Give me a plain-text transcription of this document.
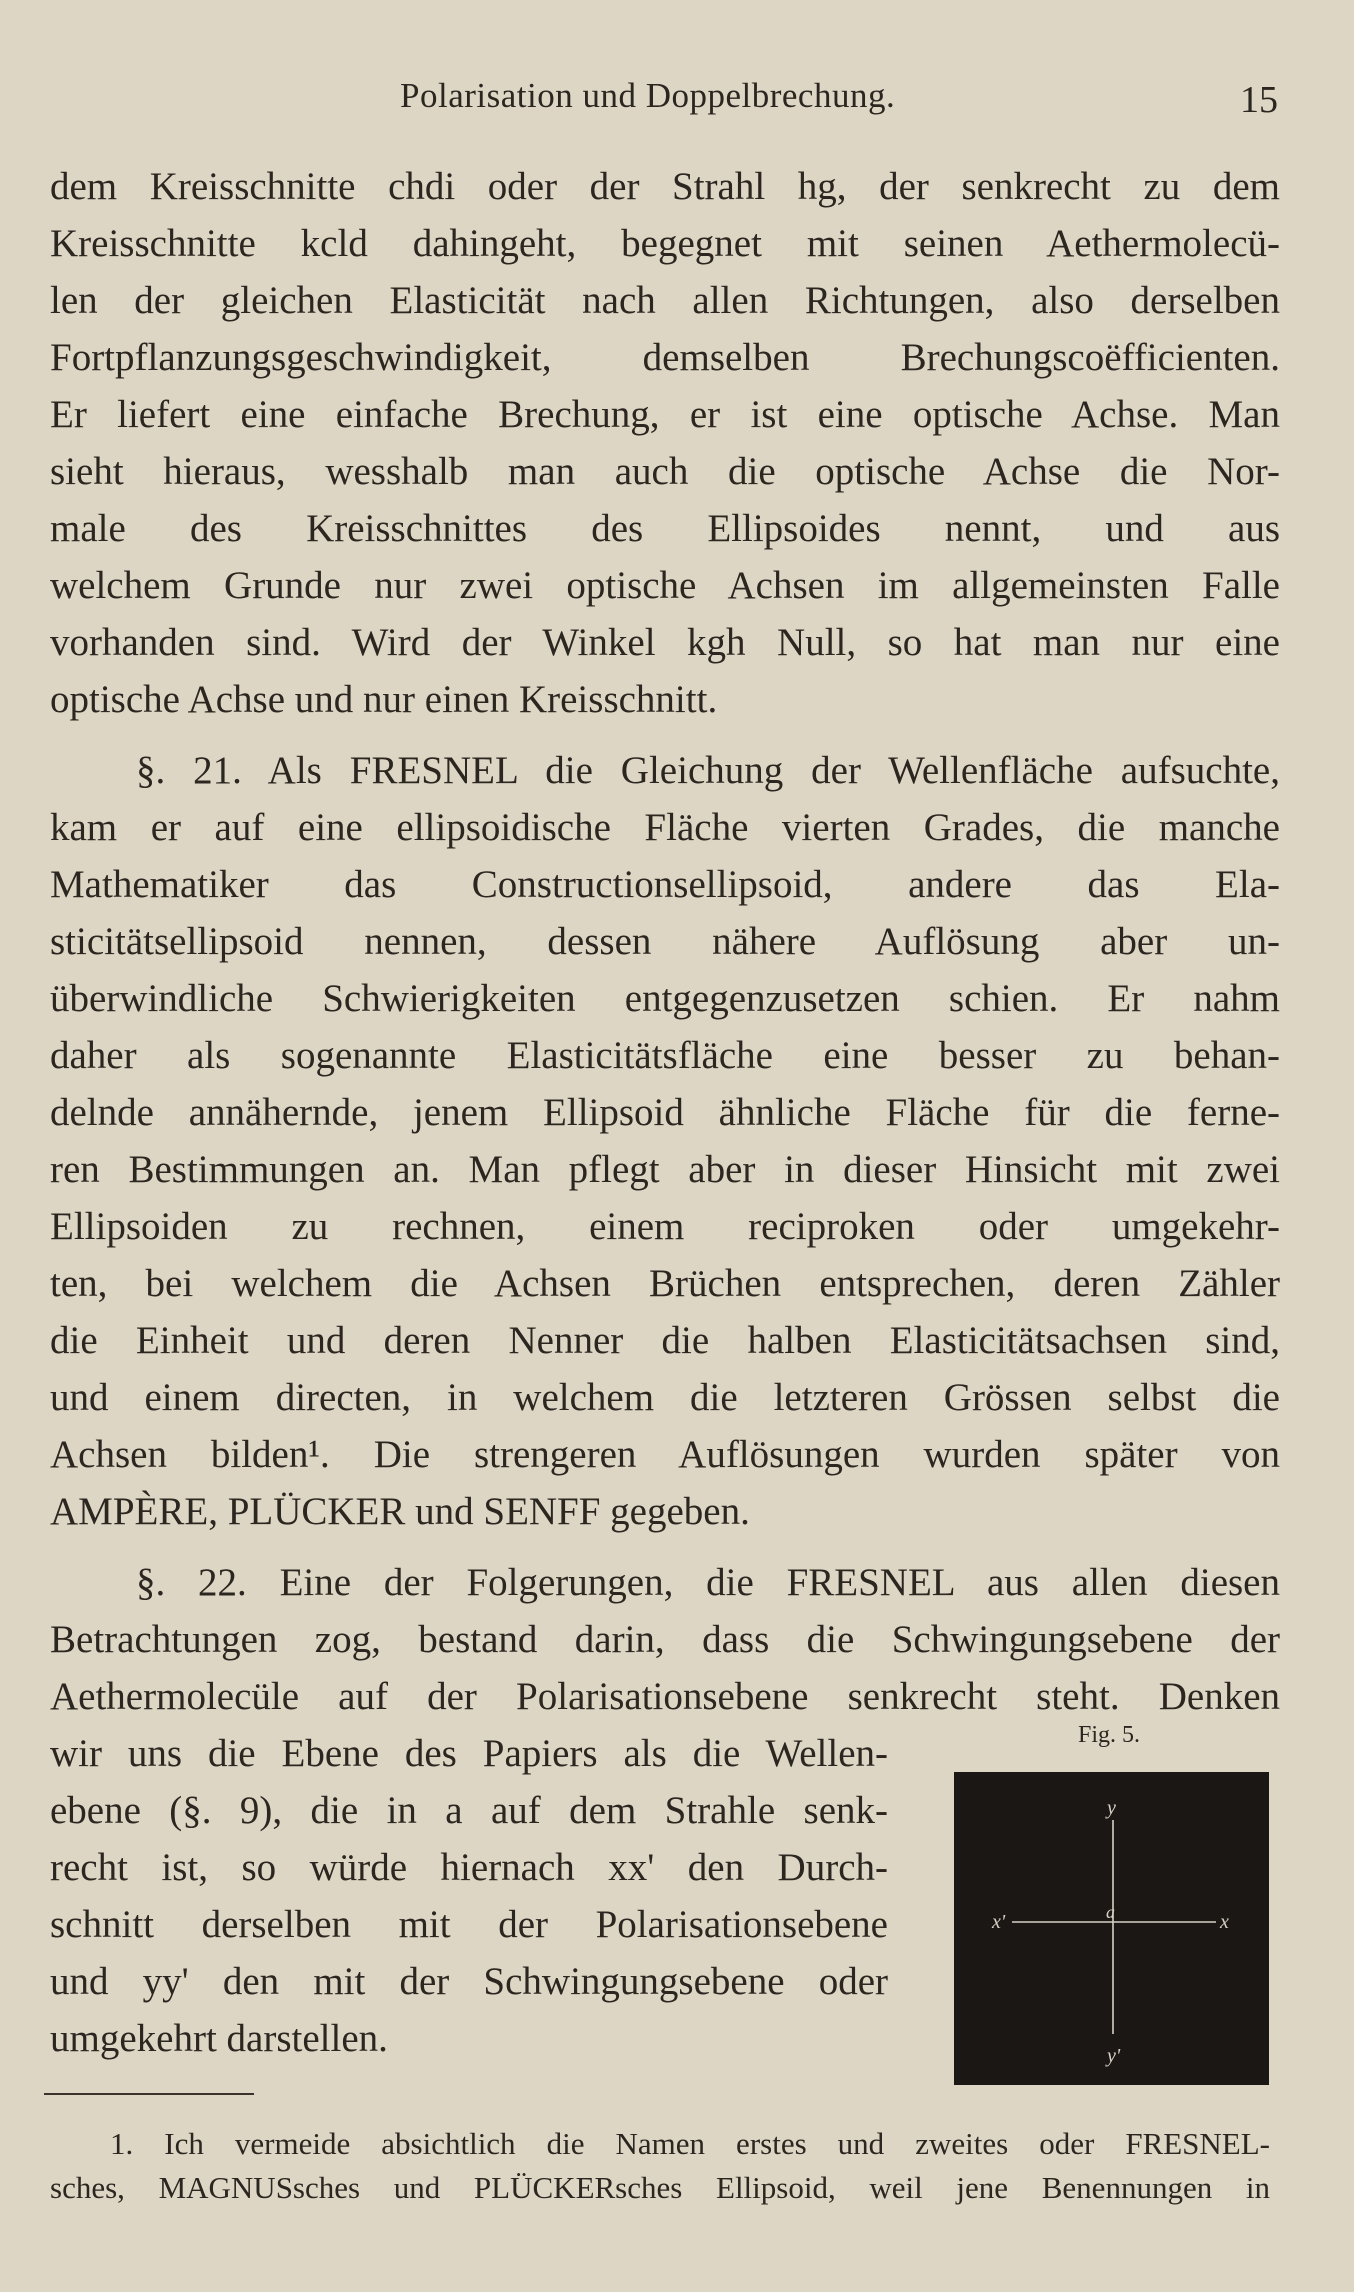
Polarisation und Doppelbrechung.	15
dem Kreisschnitte chdi oder der Strahl hg, der senkrecht zu dem
Kreisschnitte kcld dahingeht, begegnet mit seinen Aethermolecü-
len der gleichen Elasticität nach allen Richtungen, also derselben
Fortpflanzungsgeschwindigkeit, demselben Brechungscoëfficienten.
Er liefert eine einfache Brechung, er ist eine optische Achse. Man
sieht hieraus, wesshalb man auch die optische Achse die Nor-
male des Kreisschnittes des Ellipsoides nennt, und aus
welchem Grunde nur zwei optische Achsen im allgemeinsten Falle
vorhanden sind. Wird der Winkel kgh Null, so hat man nur eine
optische Achse und nur einen Kreisschnitt.
§. 21. Als FRESNEL die Gleichung der Wellenfläche aufsuchte,
kam er auf eine ellipsoidische Fläche vierten Grades, die manche
Mathematiker das Constructionsellipsoid, andere das Ela-
sticitätsellipsoid nennen, dessen nähere Auflösung aber un-
überwindliche Schwierigkeiten entgegenzusetzen schien. Er nahm
daher als sogenannte Elasticitätsfläche eine besser zu behan-
delnde annähernde, jenem Ellipsoid ähnliche Fläche für die ferne-
ren Bestimmungen an. Man pflegt aber in dieser Hinsicht mit zwei
Ellipsoiden zu rechnen, einem reciproken oder umgekehr-
ten, bei welchem die Achsen Brüchen entsprechen, deren Zähler
die Einheit und deren Nenner die halben Elasticitätsachsen sind,
und einem directen, in welchem die letzteren Grössen selbst die
Achsen bilden¹. Die strengeren Auflösungen wurden später von
AMPÈRE, PLÜCKER und SENFF gegeben.
§. 22. Eine der Folgerungen, die FRESNEL aus allen diesen
Betrachtungen zog, bestand darin, dass die Schwingungsebene der
Aethermolecüle auf der Polarisationsebene senkrecht steht. Denken
wir uns die Ebene des Papiers als die Wellen-
ebene (§. 9), die in a auf dem Strahle senk-
recht ist, so würde hiernach xx' den Durch-
schnitt derselben mit der Polarisationsebene
und yy' den mit der Schwingungsebene oder
umgekehrt darstellen.
Fig. 5.
y
y'
x
x'	a
1. Ich vermeide absichtlich die Namen erstes und zweites oder FRESNEL-
sches, MAGNUSsches und PLÜCKERsches Ellipsoid, weil jene Benennungen in
